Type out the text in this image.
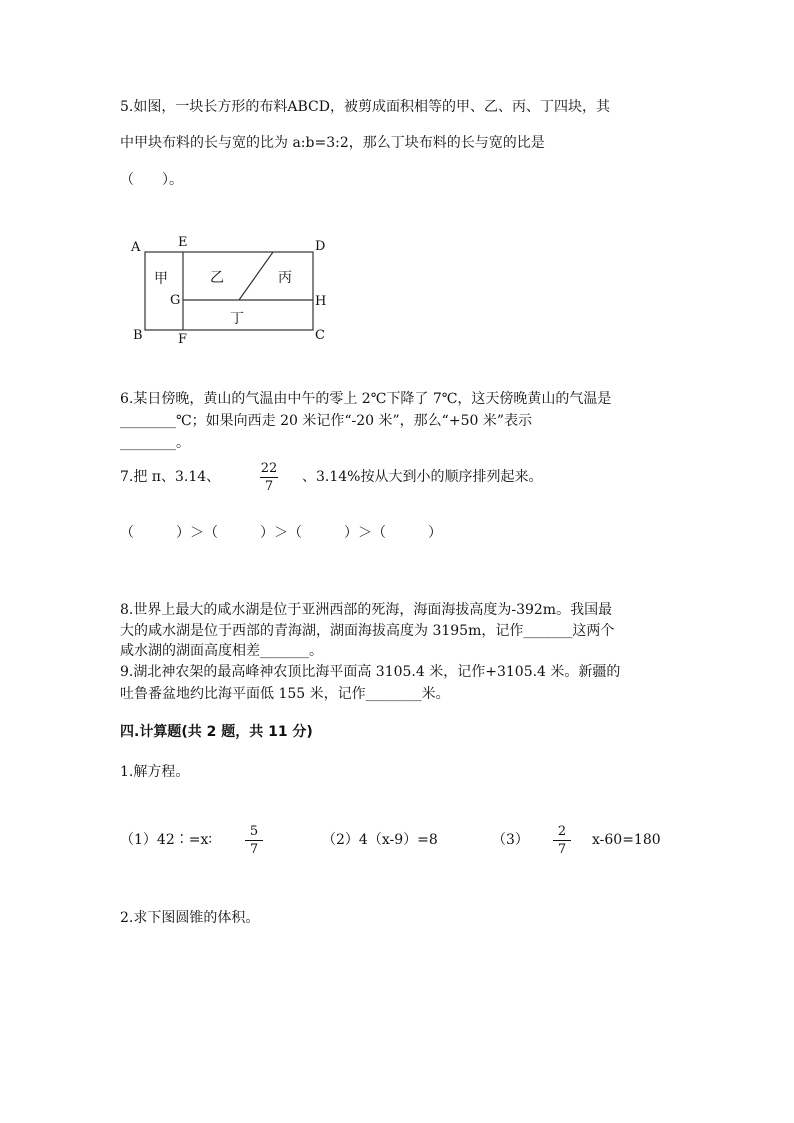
5.如图，一块长方形的布料ABCD，被剪成面积相等的甲、乙、丙、丁四块，其
中甲块布料的长与宽的比为 a:b=3:2，那么丁块布料的长与宽的比是
（　　）。
A
B	C
D
E
F
G	H
甲	乙	丙
丁
6.某日傍晚，黄山的气温由中午的零上 2℃下降了 7℃，这天傍晚黄山的气温是
________℃；如果向西走 20 米记作“-20 米”，那么“+50 米”表示
________。
7.把 π、3.14、
22
7
、3.14%按从大到小的顺序排列起来。
（　　　）＞（　　　）＞（　　　）＞（　　　）
8.世界上最大的咸水湖是位于亚洲西部的死海，海面海拔高度为-392m。我国最
大的咸水湖是位于西部的青海湖，湖面海拔高度为 3195m，记作_______这两个
咸水湖的湖面高度相差_______。
9.湖北神农架的最高峰神农顶比海平面高 3105.4 米，记作+3105.4 米。新疆的
吐鲁番盆地约比海平面低 155 米，记作________米。
四.计算题(共 2 题，共 11 分)
1.解方程。
（1）42∶=x∶
5
7
（2）4（x-9）=8	（3）
2
7
x-60=180
2.求下图圆锥的体积。
